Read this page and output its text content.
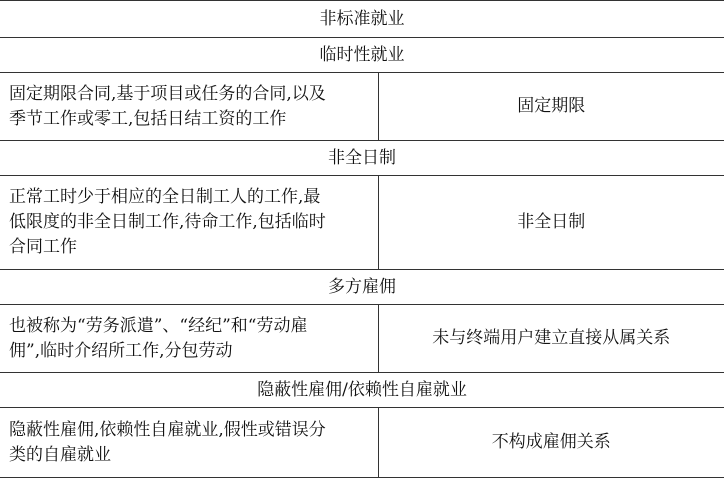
非标准就业	
临时性就业	

固定期限合同,基于项目或任务的合同,以及
季节工作或零工,包括日结工资的工作	固定期限
非全日制	

正常工时少于相应的全日制工人的工作,最
低限度的非全日制工作,待命工作,包括临时
合同工作	非全日制
多方雇佣	

也被称为“劳务派遣”、“经纪”和“劳动雇
佣”,临时介绍所工作,分包劳动	未与终端用户建立直接从属关系
隐蔽性雇佣/依赖性自雇就业	

隐蔽性雇佣,依赖性自雇就业,假性或错误分
类的自雇就业	不构成雇佣关系
